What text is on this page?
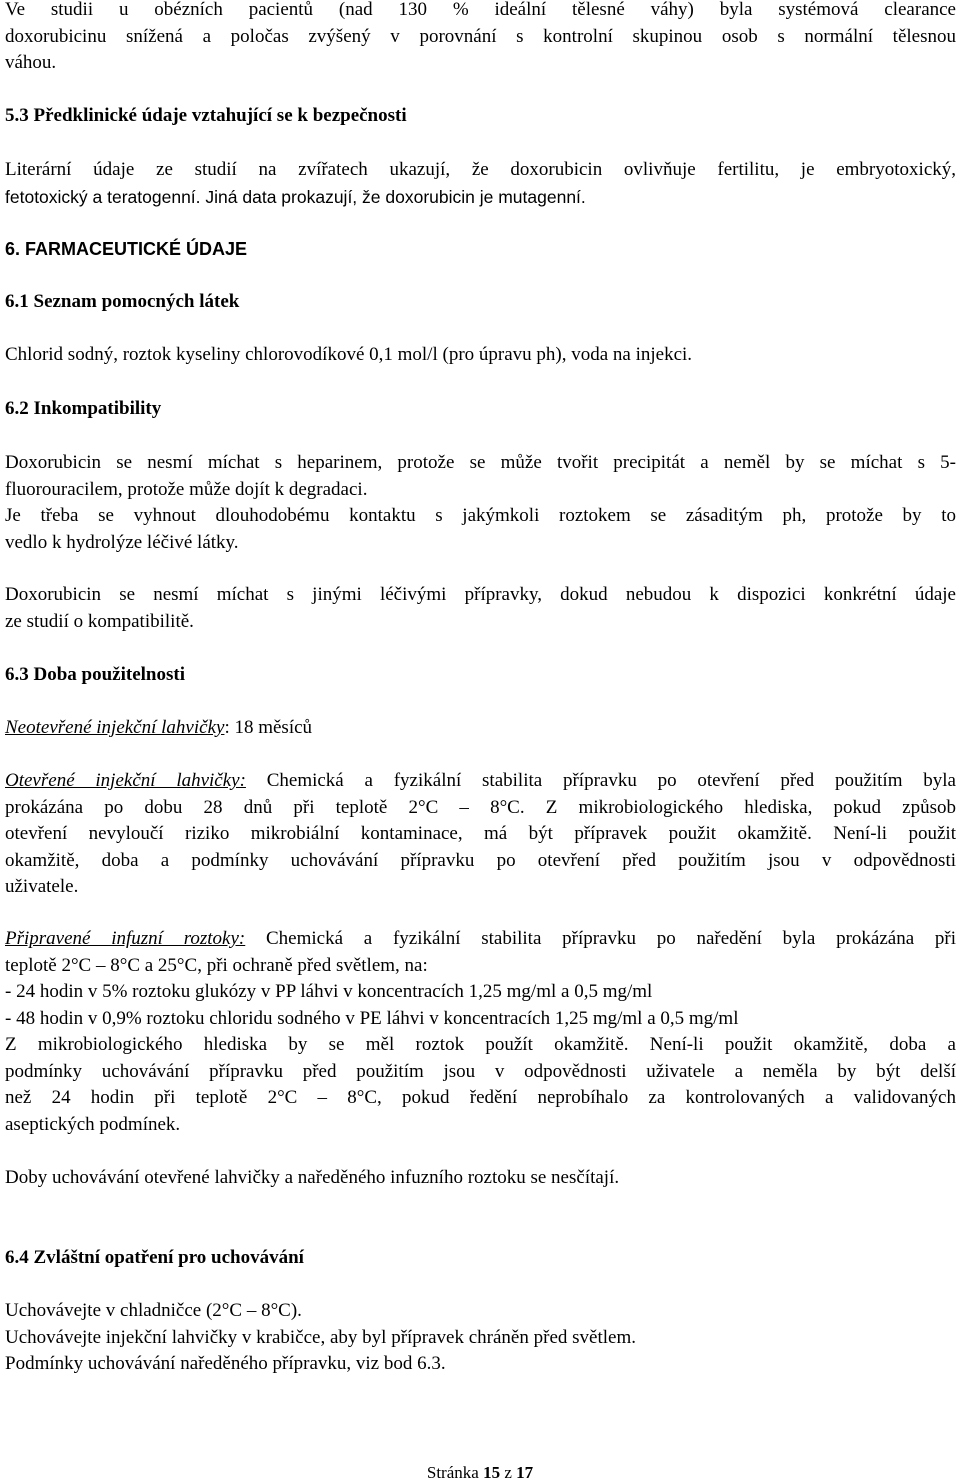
Ve studii u obézních pacientů (nad 130 % ideální tělesné váhy) byla systémová clearance
doxorubicinu snížená a poločas zvýšený v porovnání s kontrolní skupinou osob s normální tělesnou
váhou.
5.3 Předklinické údaje vztahující se k bezpečnosti
Literární údaje ze studií na zvířatech ukazují, že doxorubicin ovlivňuje fertilitu, je embryotoxický,
fetotoxický a teratogenní. Jiná data prokazují, že doxorubicin je mutagenní.
6. FARMACEUTICKÉ ÚDAJE
6.1 Seznam pomocných látek
Chlorid sodný, roztok kyseliny chlorovodíkové 0,1 mol/l (pro úpravu ph), voda na injekci.
6.2 Inkompatibility
Doxorubicin se nesmí míchat s heparinem, protože se může tvořit precipitát a neměl by se míchat s 5-
fluorouracilem, protože může dojít k degradaci.
Je třeba se vyhnout dlouhodobému kontaktu s jakýmkoli roztokem se zásaditým ph, protože by to
vedlo k hydrolýze léčivé látky.
Doxorubicin se nesmí míchat s jinými léčivými přípravky, dokud nebudou k dispozici konkrétní údaje
ze studií o kompatibilitě.
6.3 Doba použitelnosti
Neotevřené injekční lahvičky: 18 měsíců
Otevřené injekční lahvičky: Chemická a fyzikální stabilita přípravku po otevření před použitím byla
prokázána po dobu 28 dnů při teplotě 2°C – 8°C. Z mikrobiologického hlediska, pokud způsob
otevření nevyloučí riziko mikrobiální kontaminace, má být přípravek použit okamžitě. Není-li použit
okamžitě, doba a podmínky uchovávání přípravku po otevření před použitím jsou v odpovědnosti
uživatele.
Připravené infuzní roztoky: Chemická a fyzikální stabilita přípravku po naředění byla prokázána při
teplotě 2°C – 8°C a 25°C, při ochraně před světlem, na:
- 24 hodin v 5% roztoku glukózy v PP láhvi v koncentracích 1,25 mg/ml a 0,5 mg/ml
- 48 hodin v 0,9% roztoku chloridu sodného v PE láhvi v koncentracích 1,25 mg/ml a 0,5 mg/ml
Z mikrobiologického hlediska by se měl roztok použít okamžitě. Není-li použit okamžitě, doba a
podmínky uchovávání přípravku před použitím jsou v odpovědnosti uživatele a neměla by být delší
než 24 hodin při teplotě 2°C – 8°C, pokud ředění neprobíhalo za kontrolovaných a validovaných
aseptických podmínek.
Doby uchovávání otevřené lahvičky a naředěného infuzního roztoku se nesčítají.
6.4 Zvláštní opatření pro uchovávání
Uchovávejte v chladničce (2°C – 8°C).
Uchovávejte injekční lahvičky v krabičce, aby byl přípravek chráněn před světlem.
Podmínky uchovávání naředěného přípravku, viz bod 6.3.
Stránka 15 z 17
